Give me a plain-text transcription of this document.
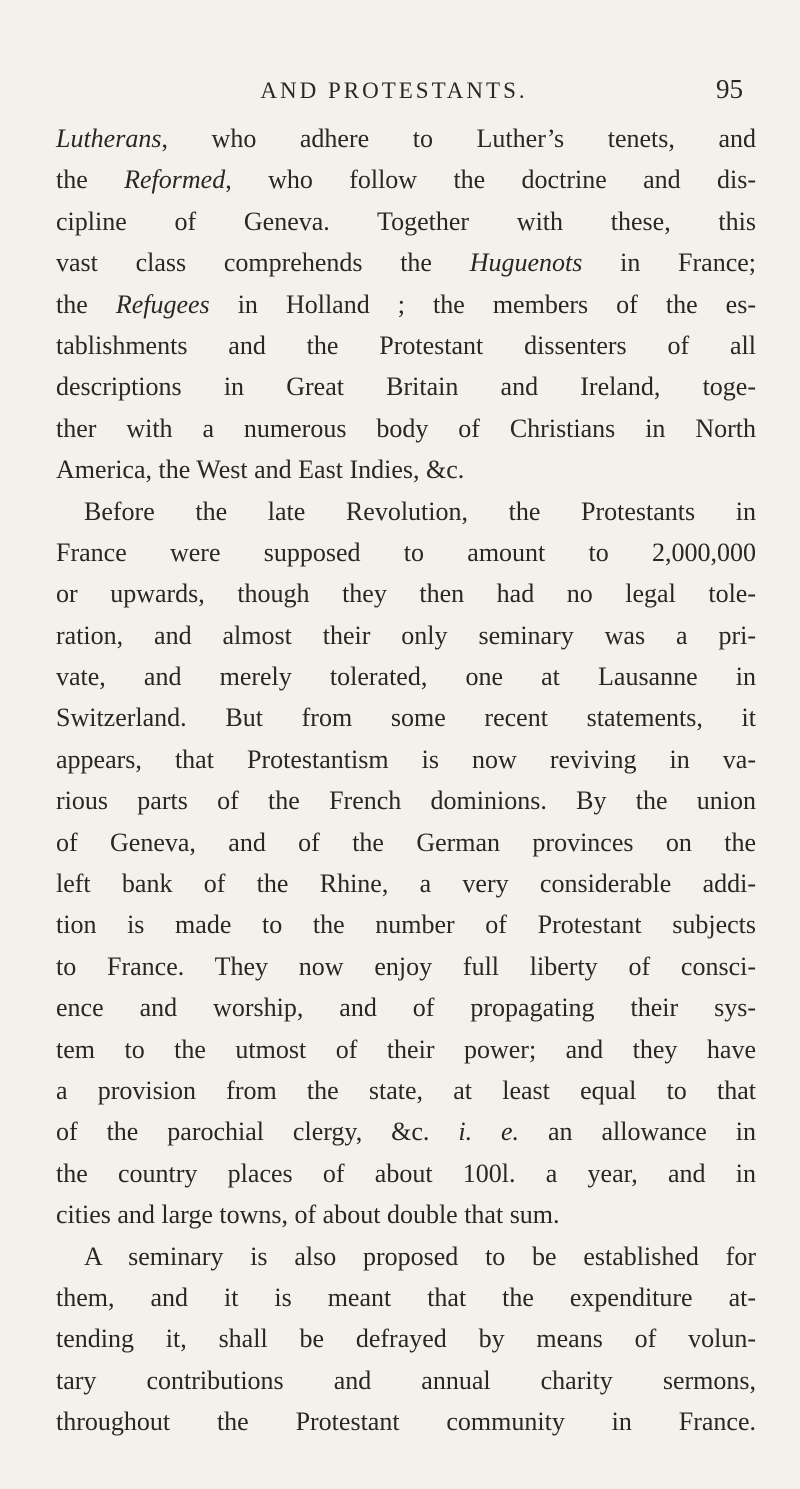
AND PROTESTANTS.	95
Lutherans, who adhere to Luther’s tenets, and
the Reformed, who follow the doctrine and dis-
cipline of Geneva. Together with these, this
vast class comprehends the Huguenots in France;
the Refugees in Holland ; the members of the es-
tablishments and the Protestant dissenters of all
descriptions in Great Britain and Ireland, toge-
ther with a numerous body of Christians in North
America, the West and East Indies, &c.
Before the late Revolution, the Protestants in
France were supposed to amount to 2,000,000
or upwards, though they then had no legal tole-
ration, and almost their only seminary was a pri-
vate, and merely tolerated, one at Lausanne in
Switzerland. But from some recent statements, it
appears, that Protestantism is now reviving in va-
rious parts of the French dominions. By the union
of Geneva, and of the German provinces on the
left bank of the Rhine, a very considerable addi-
tion is made to the number of Protestant subjects
to France. They now enjoy full liberty of consci-
ence and worship, and of propagating their sys-
tem to the utmost of their power; and they have
a provision from the state, at least equal to that
of the parochial clergy, &c. i. e. an allowance in
the country places of about 100l. a year, and in
cities and large towns, of about double that sum.
A seminary is also proposed to be established for
them, and it is meant that the expenditure at-
tending it, shall be defrayed by means of volun-
tary contributions and annual charity sermons,
throughout the Protestant community in France.
